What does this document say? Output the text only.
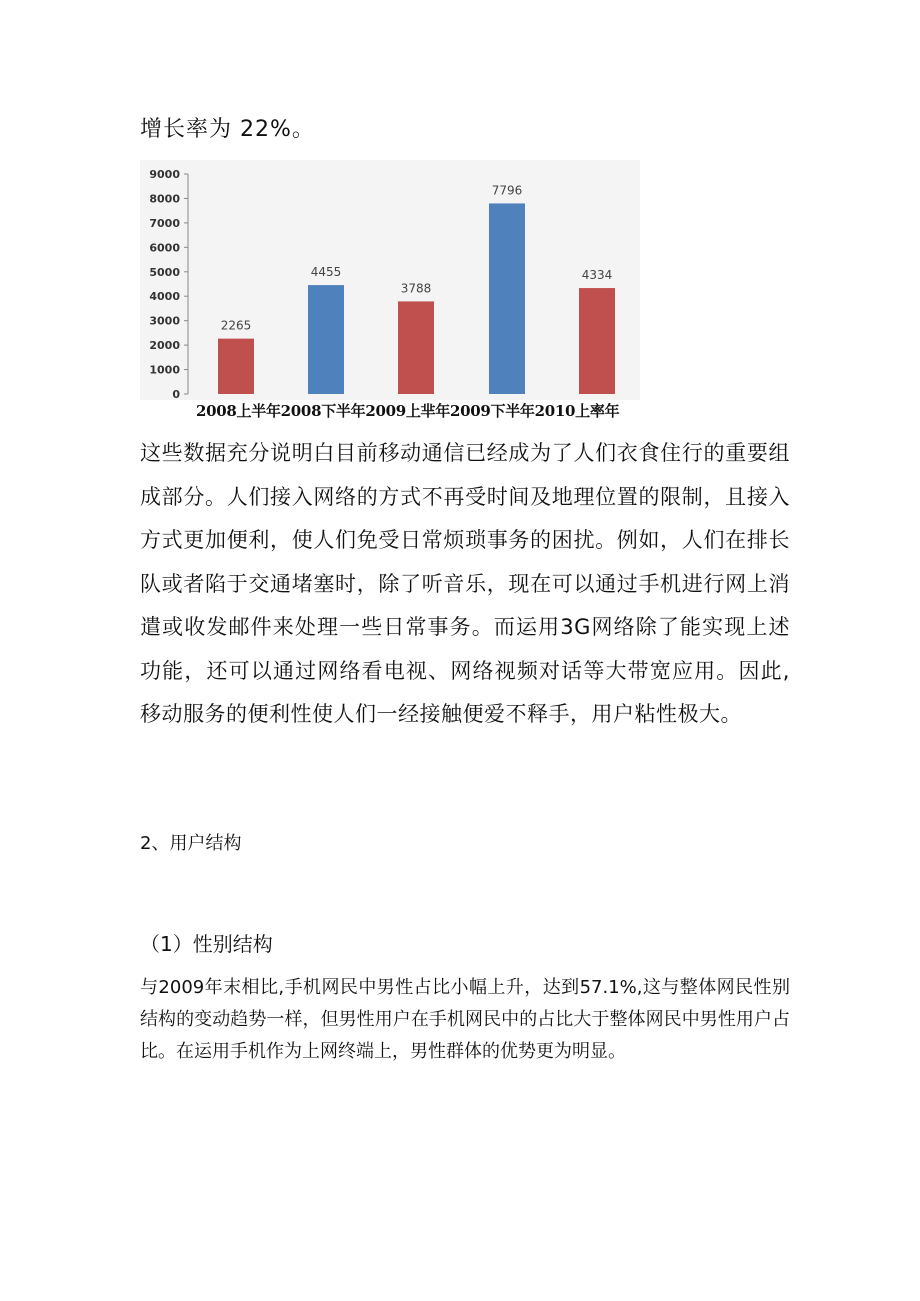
增长率为 22%。
0
1000
2000
3000
4000
5000
6000
7000
8000
9000
2265
4455
3788
7796
4334
2008上半年2008下半年2009上芈年2009下半年2010上率年

这些数据充分说明白目前移动通信已经成为了人们衣食住行的重要组成部分。人们接入网络的方式不再受时间及地理位置的限制，且接入方式更加便利，使人们免受日常烦琐事务的困扰。例如，人们在排长队或者陷于交通堵塞时，除了听音乐，现在可以通过手机进行网上消遣或收发邮件来处理一些日常事务。而运用3G网络除了能实现上述功能，还可以通过网络看电视、网络视频对话等大带宽应用。因此,移动服务的便利性使人们一经接触便爱不释手，用户粘性极大。

2、用户结构
（1）性别结构

与2009年末相比,手机网民中男性占比小幅上升，达到57.1%,这与整体网民性别结构的变动趋势一样，但男性用户在手机网民中的占比大于整体网民中男性用户占比。在运用手机作为上网终端上，男性群体的优势更为明显。
